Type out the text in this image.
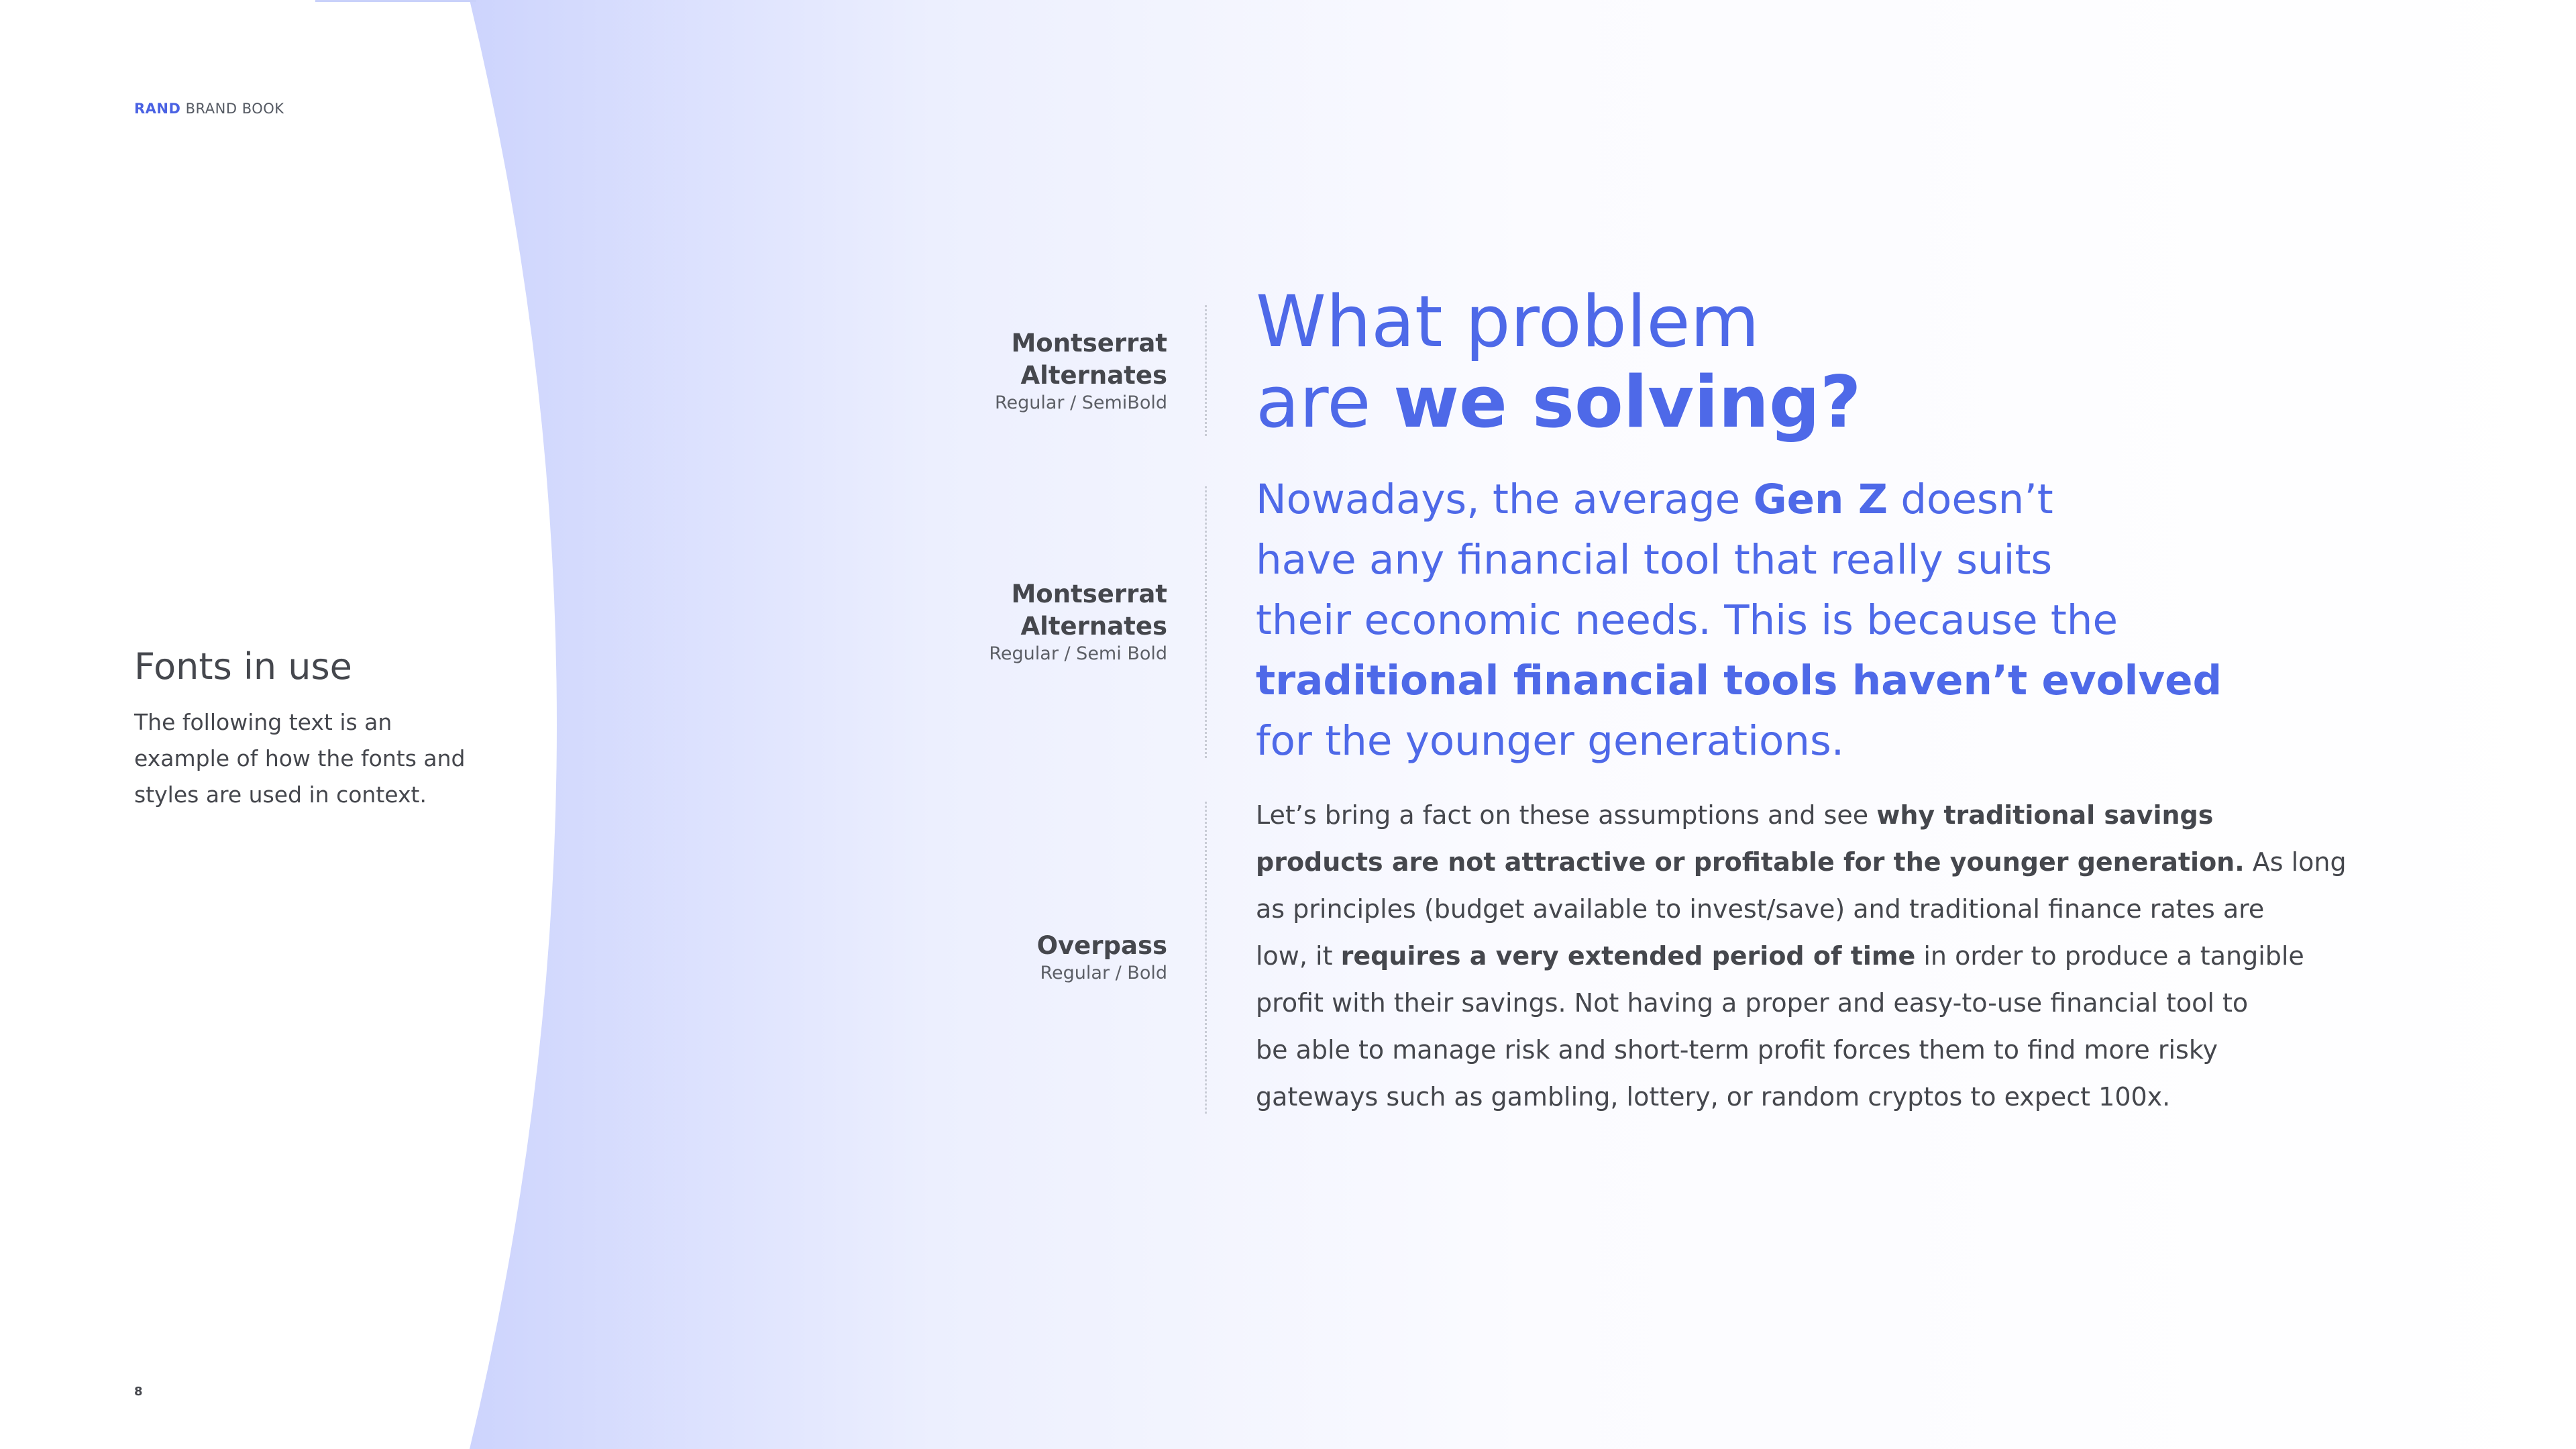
RAND BRAND BOOK
Fonts in use

The following text is an example of how the fonts and styles are used in context.

8
Montserrat
Alternates
Regular / SemiBold
Montserrat
Alternates
Regular / Semi Bold
Overpass
Regular / Bold
What problem
are we solving?

Nowadays, the average Gen Z doesn’t
have any financial tool that really suits
their economic needs. This is because the
traditional financial tools haven’t evolved
for the younger generations.

Let’s bring a fact on these assumptions and see why traditional savings
products are not attractive or profitable for the younger generation. As long
as principles (budget available to invest/save) and traditional finance rates are
low, it requires a very extended period of time in order to produce a tangible
profit with their savings. Not having a proper and easy-to-use financial tool to
be able to manage risk and short-term profit forces them to find more risky
gateways such as gambling, lottery, or random cryptos to expect 100x.
